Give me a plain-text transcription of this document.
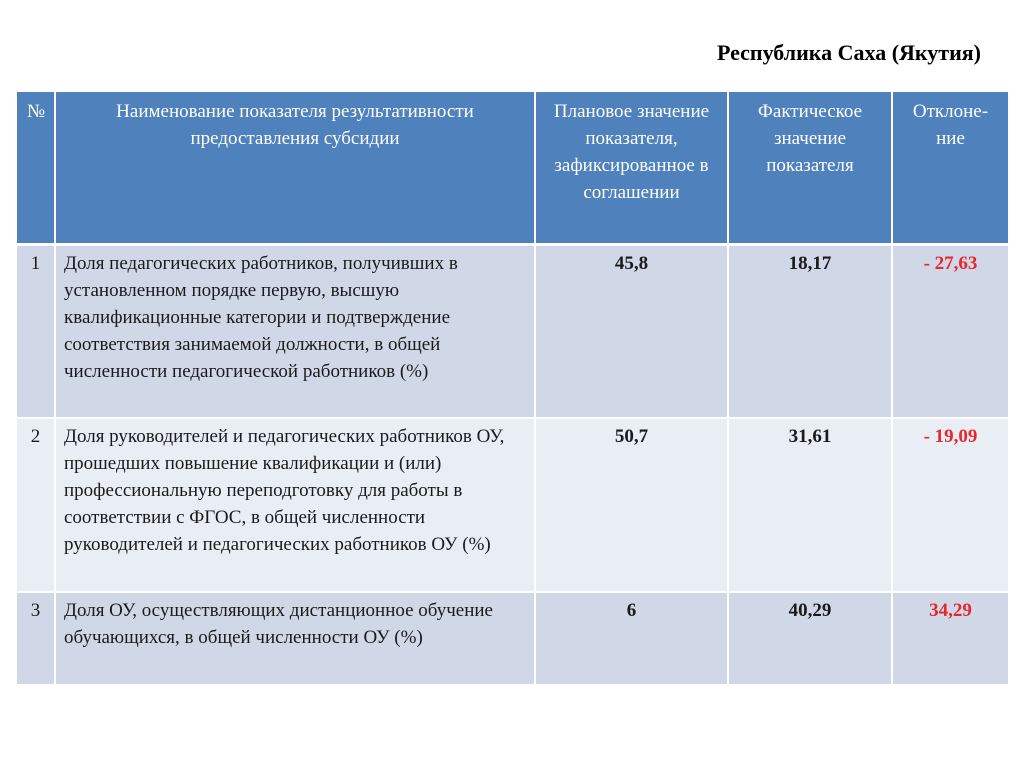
Республика Саха (Якутия)
№	Наименование показателя результативности предоставления субсидии	Плановое значение показателя, зафиксированное в соглашении	Фактическое значение показателя	Отклоне-ние
1	Доля педагогических работников, получивших в установленном порядке первую, высшую квалификационные категории и подтверждение соответствия занимаемой должности, в общей численности педагогической работников (%)	45,8	18,17	- 27,63
2	Доля руководителей и педагогических работников ОУ, прошедших повышение квалификации и (или) профессиональную переподготовку для работы в соответствии с ФГОС, в общей численности руководителей и педагогических работников ОУ (%)	50,7	31,61	- 19,09
3	Доля ОУ, осуществляющих дистанционное обучение обучающихся, в общей численности ОУ (%)	6	40,29	34,29
